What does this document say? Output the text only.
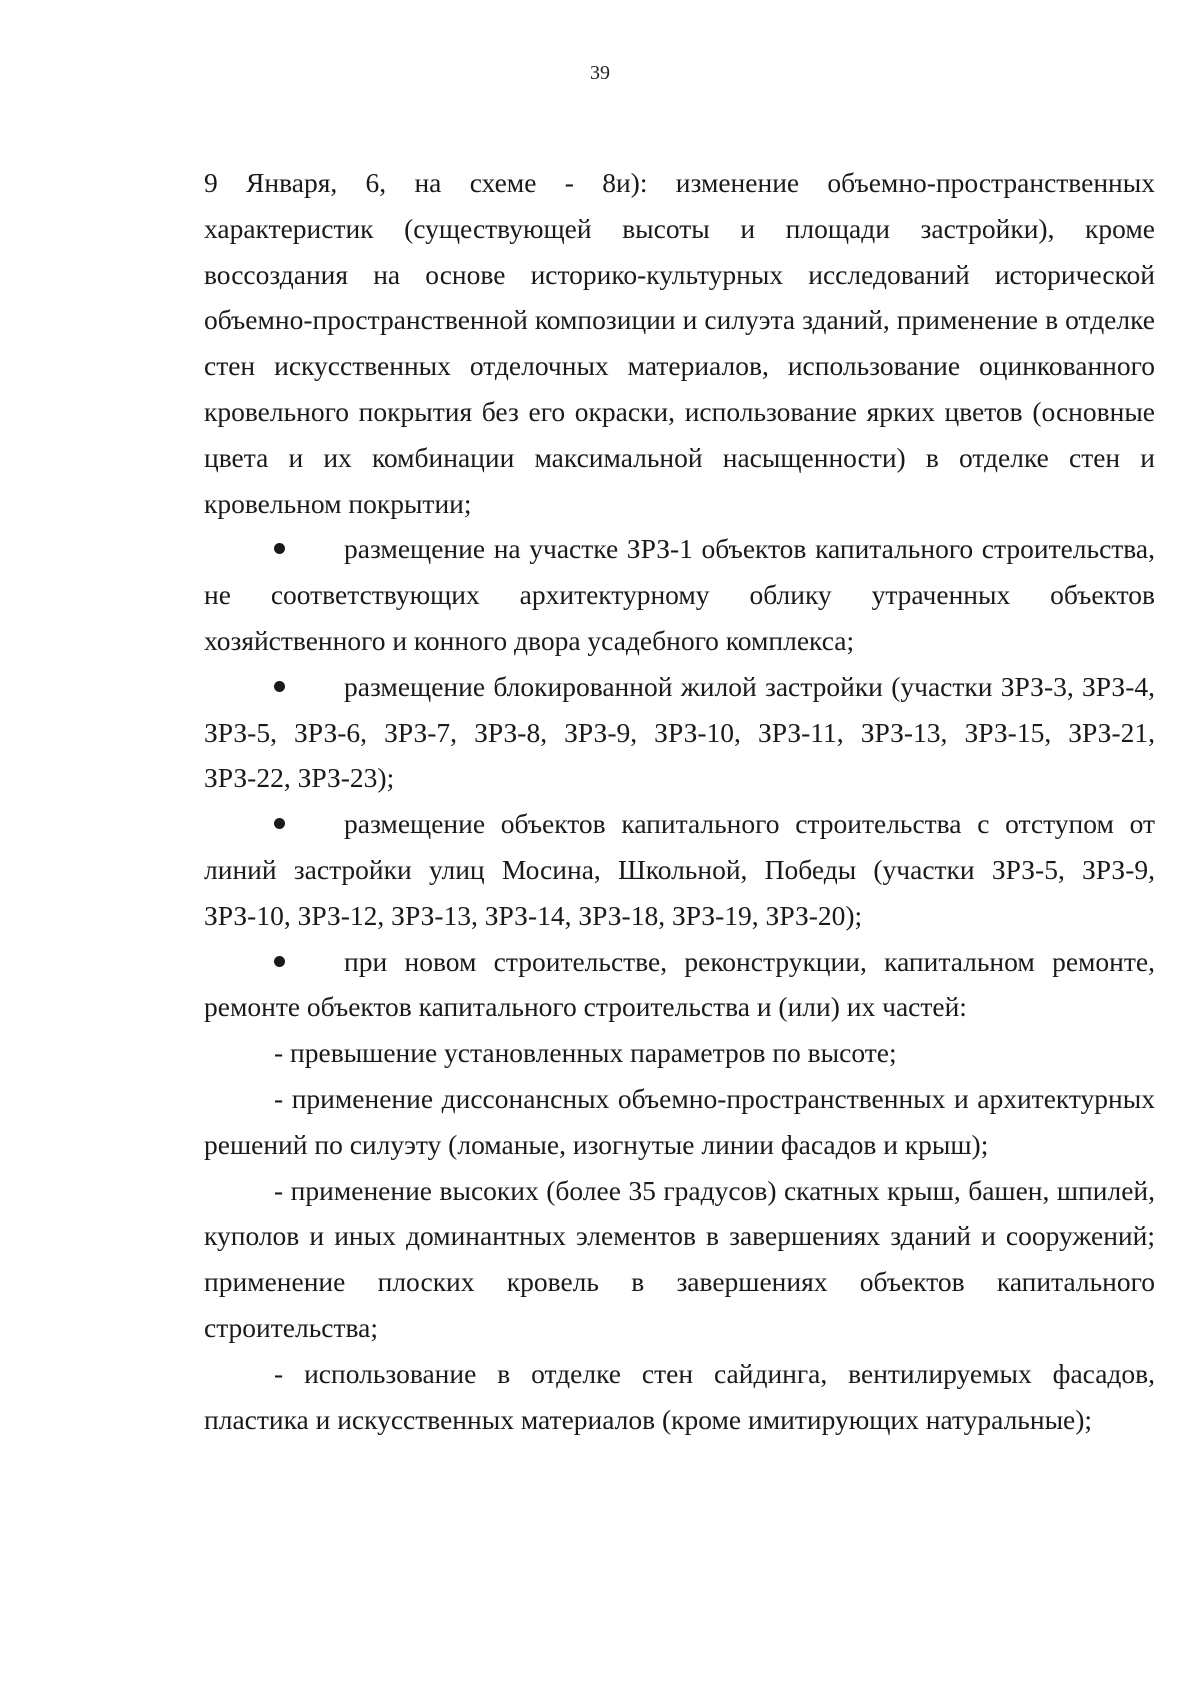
39

9 Января, 6, на схеме - 8и): изменение объемно-пространственных характеристик (существующей высоты и площади застройки), кроме воссоздания на основе историко-культурных исследований исторической объемно-пространственной композиции и силуэта зданий, применение в отделке стен искусственных отделочных материалов, использование оцинкованного кровельного покрытия без его окраски, использование ярких цветов (основные цвета и их комбинации максимальной насыщенности) в отделке стен и кровельном покрытии;

размещение на участке ЗРЗ-1 объектов капитального строительства, не соответствующих архитектурному облику утраченных объектов хозяйственного и конного двора усадебного комплекса;

размещение блокированной жилой застройки (участки ЗРЗ-3, ЗРЗ-4, ЗРЗ-5, ЗРЗ-6, ЗРЗ-7, ЗРЗ-8, ЗРЗ-9, ЗРЗ-10, ЗРЗ-11, ЗРЗ-13, ЗРЗ-15, ЗРЗ-21, ЗРЗ-22, ЗРЗ-23);

размещение объектов капитального строительства с отступом от линий застройки улиц Мосина, Школьной, Победы (участки ЗРЗ-5, ЗРЗ-9, ЗРЗ-10, ЗРЗ-12, ЗРЗ-13, ЗРЗ-14, ЗРЗ-18, ЗРЗ-19, ЗРЗ-20);

при новом строительстве, реконструкции, капитальном ремонте, ремонте объектов капитального строительства и (или) их частей:

- превышение установленных параметров по высоте;

- применение диссонансных объемно-пространственных и архитектурных решений по силуэту (ломаные, изогнутые линии фасадов и крыш);

- применение высоких (более 35 градусов) скатных крыш, башен, шпилей, куполов и иных доминантных элементов в завершениях зданий и сооружений; применение плоских кровель в завершениях объектов капитального строительства;

- использование в отделке стен сайдинга, вентилируемых фасадов, пластика и искусственных материалов (кроме имитирующих натуральные);
